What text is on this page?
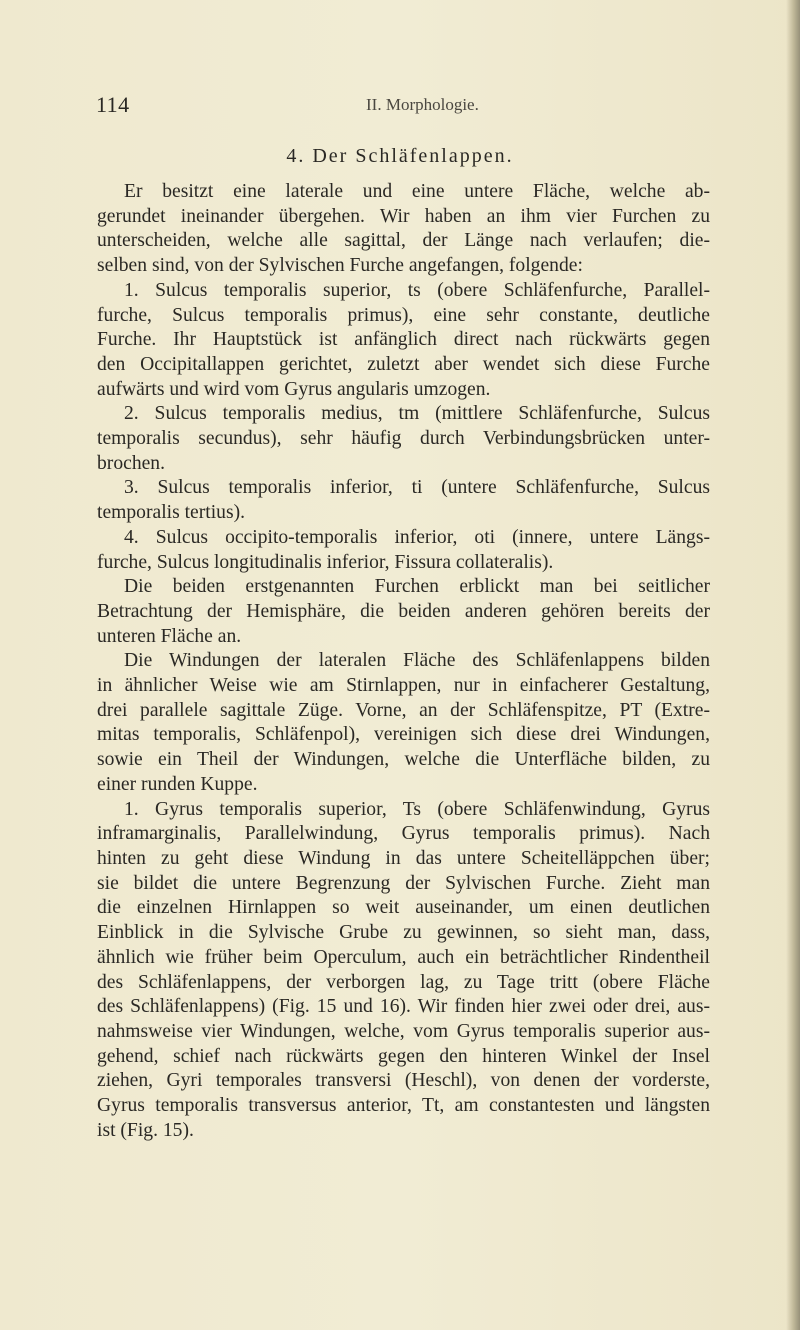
114	II. Morphologie.
4. Der Schläfenlappen.
Er besitzt eine laterale und eine untere Fläche, welche ab-
gerundet ineinander übergehen. Wir haben an ihm vier Furchen zu
unterscheiden, welche alle sagittal, der Länge nach verlaufen; die-
selben sind, von der Sylvischen Furche angefangen, folgende:
1. Sulcus temporalis superior, ts (obere Schläfenfurche, Parallel-
furche, Sulcus temporalis primus), eine sehr constante, deutliche
Furche. Ihr Hauptstück ist anfänglich direct nach rückwärts gegen
den Occipitallappen gerichtet, zuletzt aber wendet sich diese Furche
aufwärts und wird vom Gyrus angularis umzogen.
2. Sulcus temporalis medius, tm (mittlere Schläfenfurche, Sulcus
temporalis secundus), sehr häufig durch Verbindungsbrücken unter-
brochen.
3. Sulcus temporalis inferior, ti (untere Schläfenfurche, Sulcus
temporalis tertius).
4. Sulcus occipito-temporalis inferior, oti (innere, untere Längs-
furche, Sulcus longitudinalis inferior, Fissura collateralis).
Die beiden erstgenannten Furchen erblickt man bei seitlicher
Betrachtung der Hemisphäre, die beiden anderen gehören bereits der
unteren Fläche an.
Die Windungen der lateralen Fläche des Schläfenlappens bilden
in ähnlicher Weise wie am Stirnlappen, nur in einfacherer Gestaltung,
drei parallele sagittale Züge. Vorne, an der Schläfenspitze, PT (Extre-
mitas temporalis, Schläfenpol), vereinigen sich diese drei Windungen,
sowie ein Theil der Windungen, welche die Unterfläche bilden, zu
einer runden Kuppe.
1. Gyrus temporalis superior, Ts (obere Schläfenwindung, Gyrus
inframarginalis, Parallelwindung, Gyrus temporalis primus). Nach
hinten zu geht diese Windung in das untere Scheitelläppchen über;
sie bildet die untere Begrenzung der Sylvischen Furche. Zieht man
die einzelnen Hirnlappen so weit auseinander, um einen deutlichen
Einblick in die Sylvische Grube zu gewinnen, so sieht man, dass,
ähnlich wie früher beim Operculum, auch ein beträchtlicher Rindentheil
des Schläfenlappens, der verborgen lag, zu Tage tritt (obere Fläche
des Schläfenlappens) (Fig. 15 und 16). Wir finden hier zwei oder drei, aus-
nahmsweise vier Windungen, welche, vom Gyrus temporalis superior aus-
gehend, schief nach rückwärts gegen den hinteren Winkel der Insel
ziehen, Gyri temporales transversi (Heschl), von denen der vorderste,
Gyrus temporalis transversus anterior, Tt, am constantesten und längsten
ist (Fig. 15).
